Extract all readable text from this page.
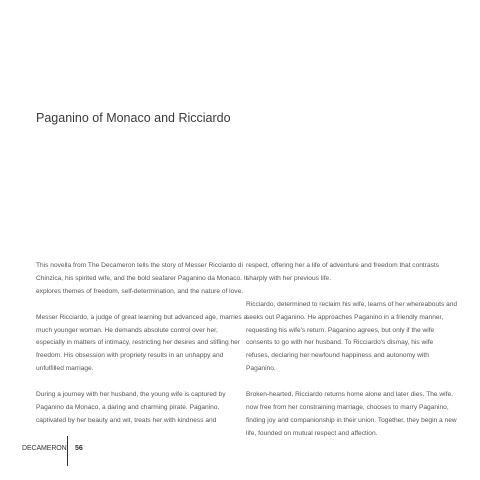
Paganino of Monaco and Ricciardo

This novella from The Decameron tells the story of Messer Ricciardo di Chinzica, his spirited wife, and the bold seafarer Paganino da Monaco. It explores themes of freedom, self-determination, and the nature of love.

Messer Ricciardo, a judge of great learning but advanced age, marries a much younger woman. He demands absolute control over her, especially in matters of intimacy, restricting her desires and stifling her freedom. His obsession with propriety results in an unhappy and unfulfilled marriage.

During a journey with her husband, the young wife is captured by Paganino da Monaco, a daring and charming pirate. Paganino, captivated by her beauty and wit, treats her with kindness and

respect, offering her a life of adventure and freedom that contrasts sharply with her previous life.

Ricciardo, determined to reclaim his wife, learns of her whereabouts and seeks out Paganino. He approaches Paganino in a friendly manner, requesting his wife's return. Paganino agrees, but only if the wife consents to go with her husband. To Ricciardo's dismay, his wife refuses, declaring her newfound happiness and autonomy with Paganino.

Broken-hearted, Ricciardo returns home alone and later dies. The wife, now free from her constraining marriage, chooses to marry Paganino, finding joy and companionship in their union. Together, they begin a new life, founded on mutual respect and affection.

DECAMERON 56
